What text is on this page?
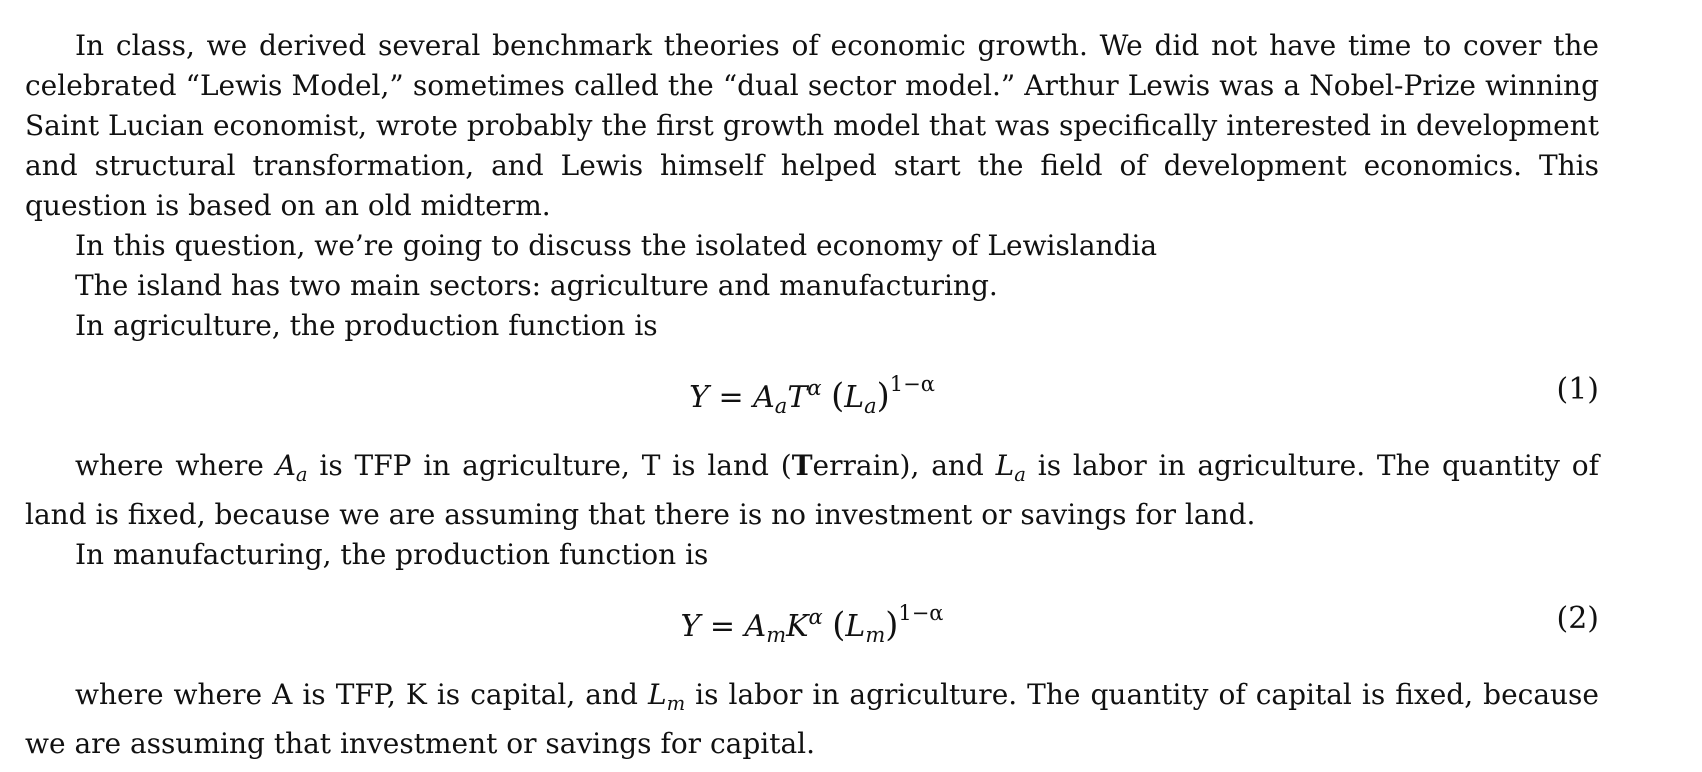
In class, we derived several benchmark theories of economic growth. We did not have time to cover the celebrated “Lewis Model,” sometimes called the “dual sector model.” Arthur Lewis was a Nobel-Prize winning Saint Lucian economist, wrote probably the first growth model that was specifically interested in development and structural transformation, and Lewis himself helped start the field of development economics. This question is based on an old midterm.

In this question, we’re going to discuss the isolated economy of Lewislandia

The island has two main sectors: agriculture and manufacturing.

In agriculture, the production function is

$Y = A_aT^\alpha$ $(L_a)^{1-\alpha}$	(1)

where where $A_a$ is TFP in agriculture, T is land (Terrain), and $L_a$ is labor in agriculture. The quantity of land is fixed, because we are assuming that there is no investment or savings for land.

In manufacturing, the production function is

$Y = A_mK^\alpha$ $(L_m)^{1-\alpha}$	(2)

where where A is TFP, K is capital, and $L_m$ is labor in agriculture. The quantity of capital is fixed, because we are assuming that investment or savings for capital.
